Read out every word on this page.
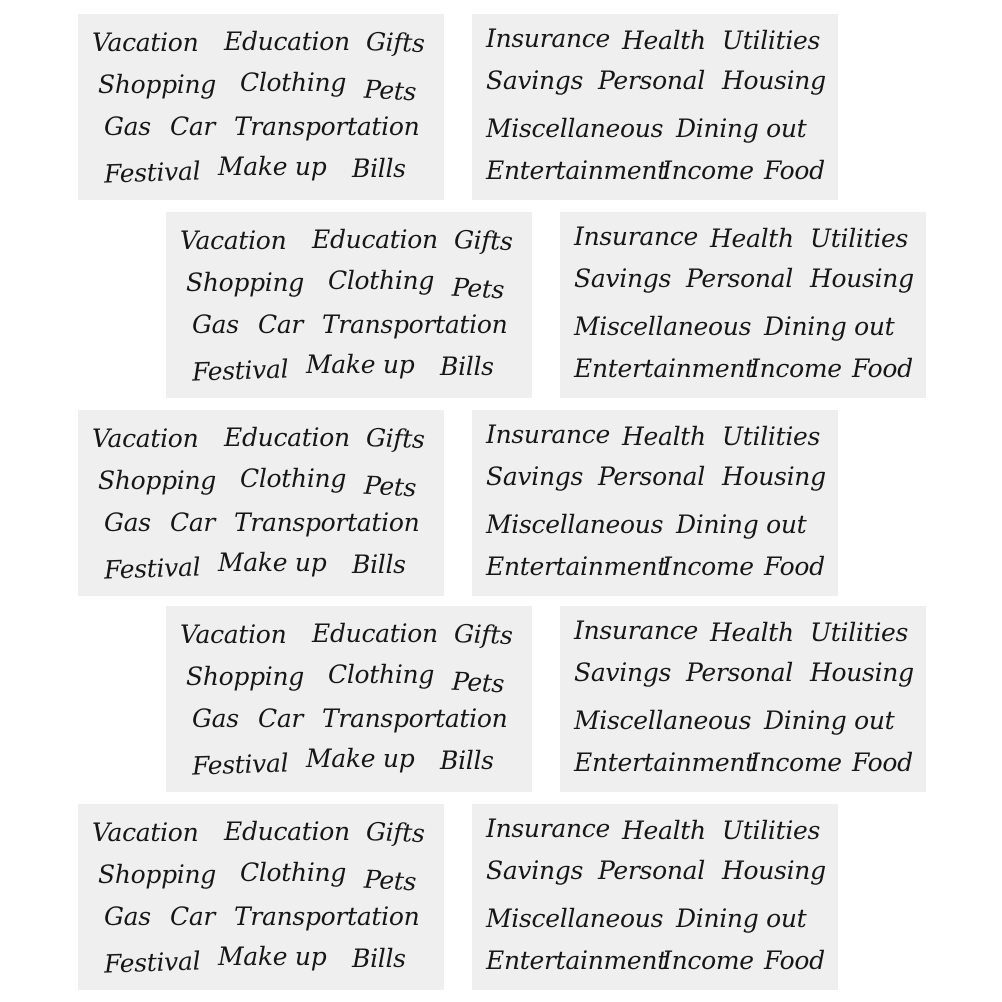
Vacation Education Gifts
Shopping Clothing Pets
Gas Car Transportation
Festival Make up Bills
Insurance Health Utilities
Savings Personal Housing
Miscellaneous Dining out
Entertainment
Income Food
Vacation Education Gifts
Shopping Clothing Pets
Gas Car Transportation
Festival Make up Bills
Insurance Health Utilities
Savings Personal Housing
Miscellaneous Dining out
Entertainment
Income Food
Vacation Education Gifts
Shopping Clothing Pets
Gas Car Transportation
Festival Make up Bills
Insurance Health Utilities
Savings Personal Housing
Miscellaneous Dining out
Entertainment
Income Food
Vacation Education Gifts
Shopping Clothing Pets
Gas Car Transportation
Festival Make up Bills
Insurance Health Utilities
Savings Personal Housing
Miscellaneous Dining out
Entertainment
Income Food
Vacation Education Gifts
Shopping Clothing Pets
Gas Car Transportation
Festival Make up Bills
Insurance Health Utilities
Savings Personal Housing
Miscellaneous Dining out
Entertainment
Income Food
